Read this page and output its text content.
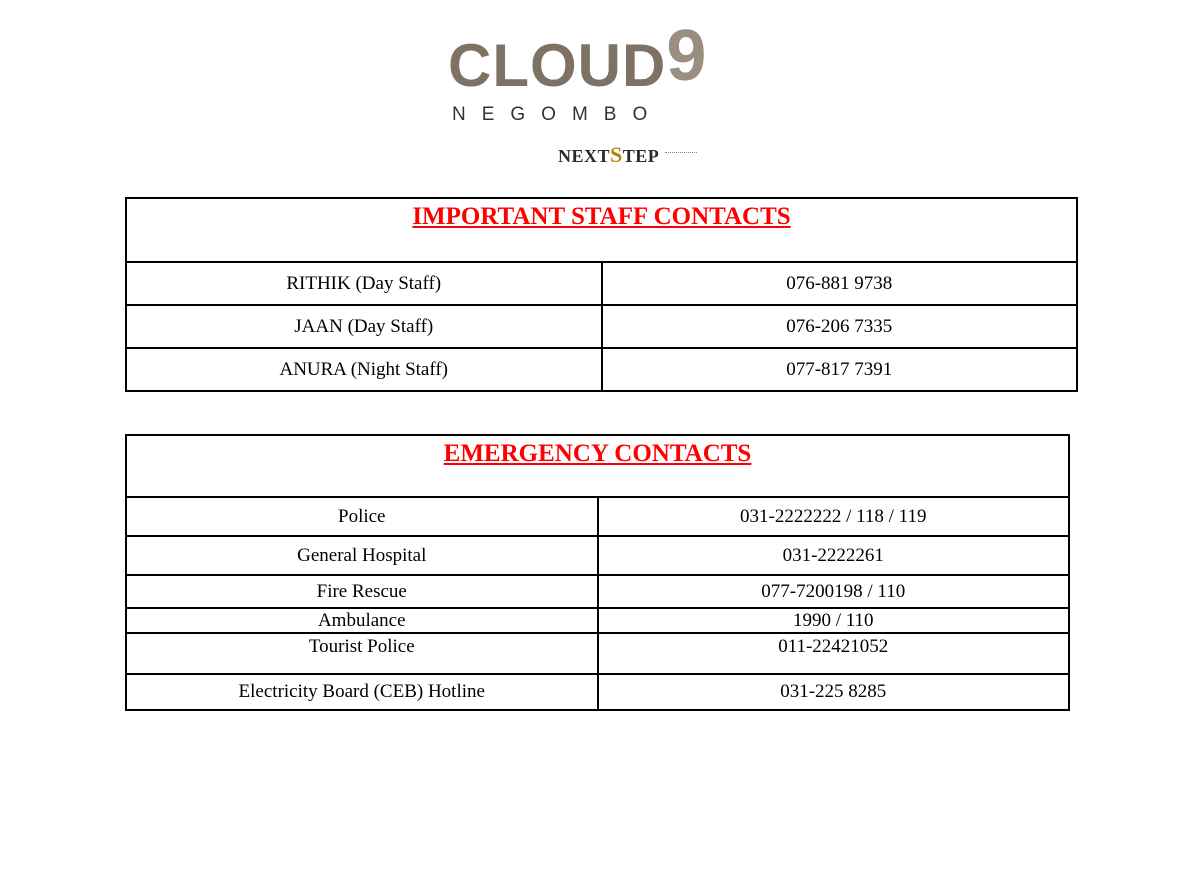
CLOUD9
NEGOMBO
NEXTSTEP
IMPORTANT STAFF CONTACTS	
RITHIK (Day Staff)	076-881 9738
JAAN (Day Staff)	076-206 7335
ANURA (Night Staff)	077-817 7391
EMERGENCY CONTACTS	
Police	031-2222222 / 118 / 119
General Hospital	031-2222261
Fire Rescue	077-7200198 / 110
Ambulance	1990 / 110
Tourist Police	011-22421052
Electricity Board (CEB) Hotline	031-225 8285
